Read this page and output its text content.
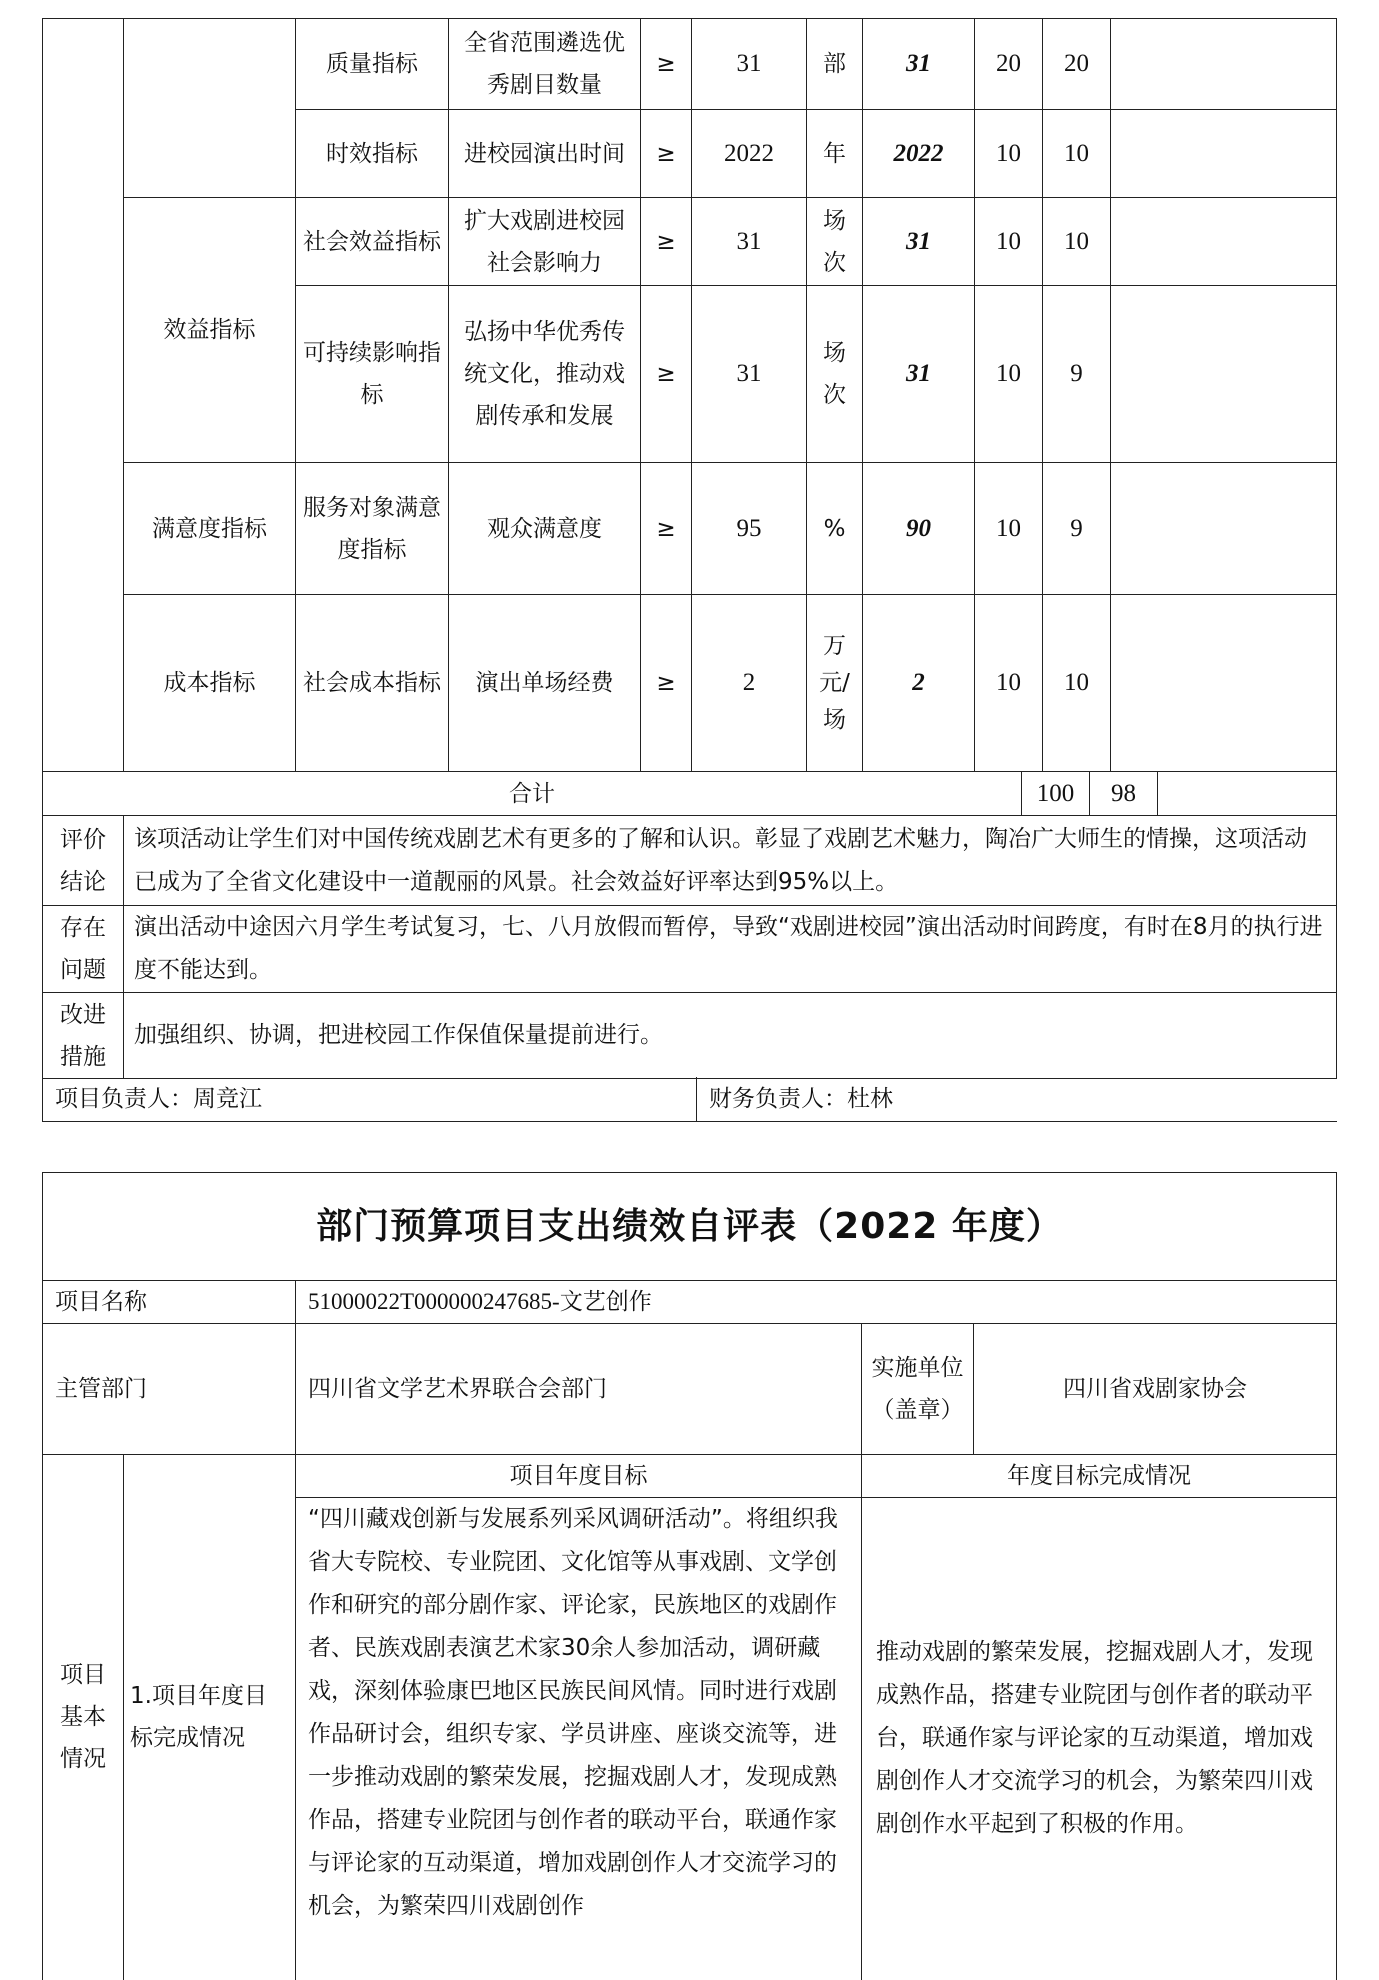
		质量指标	全省范围遴选优秀剧目数量	≥	31	部	31	20	20	
		时效指标	进校园演出时间	≥	2022	年	2022	10	10	
	效益指标	社会效益指标	扩大戏剧进校园社会影响力	≥	31	场次	31	10	10	
		可持续影响指标	弘扬中华优秀传统文化，推动戏剧传承和发展	≥	31	场次	31	10	9	
	满意度指标	服务对象满意度指标	观众满意度	≥	95	%	90	10	9	
	成本指标	社会成本指标	演出单场经费	≥	2	万元/场	2	10	10	
合计		100	98	
评价结论	该项活动让学生们对中国传统戏剧艺术有更多的了解和认识。彰显了戏剧艺术魅力，陶冶广大师生的情操，这项活动已成为了全省文化建设中一道靓丽的风景。社会效益好评率达到95%以上。			
存在问题	演出活动中途因六月学生考试复习，七、八月放假而暂停，导致“戏剧进校园”演出活动时间跨度，有时在8月的执行进度不能达到。			
改进措施	加强组织、协调，把进校园工作保值保量提前进行。			
项目负责人：周竞江	财务负责人：杜林
部门预算项目支出绩效自评表（2022 年度）				
项目名称		51000022T000000247685-文艺创作		
主管部门		四川省文学艺术界联合会部门	实施单位（盖章）	四川省戏剧家协会
项目基本情况	1.项目年度目标完成情况	项目年度目标	年度目标完成情况	
		“四川藏戏创新与发展系列采风调研活动”。将组织我省大专院校、专业院团、文化馆等从事戏剧、文学创作和研究的部分剧作家、评论家，民族地区的戏剧作者、民族戏剧表演艺术家30余人参加活动，调研藏戏，深刻体验康巴地区民族民间风情。同时进行戏剧作品研讨会，组织专家、学员讲座、座谈交流等，进一步推动戏剧的繁荣发展，挖掘戏剧人才，发现成熟作品，搭建专业院团与创作者的联动平台，联通作家与评论家的互动渠道，增加戏剧创作人才交流学习的机会，为繁荣四川戏剧创作	推动戏剧的繁荣发展，挖掘戏剧人才，发现成熟作品，搭建专业院团与创作者的联动平台，联通作家与评论家的互动渠道，增加戏剧创作人才交流学习的机会，为繁荣四川戏剧创作水平起到了积极的作用。	
